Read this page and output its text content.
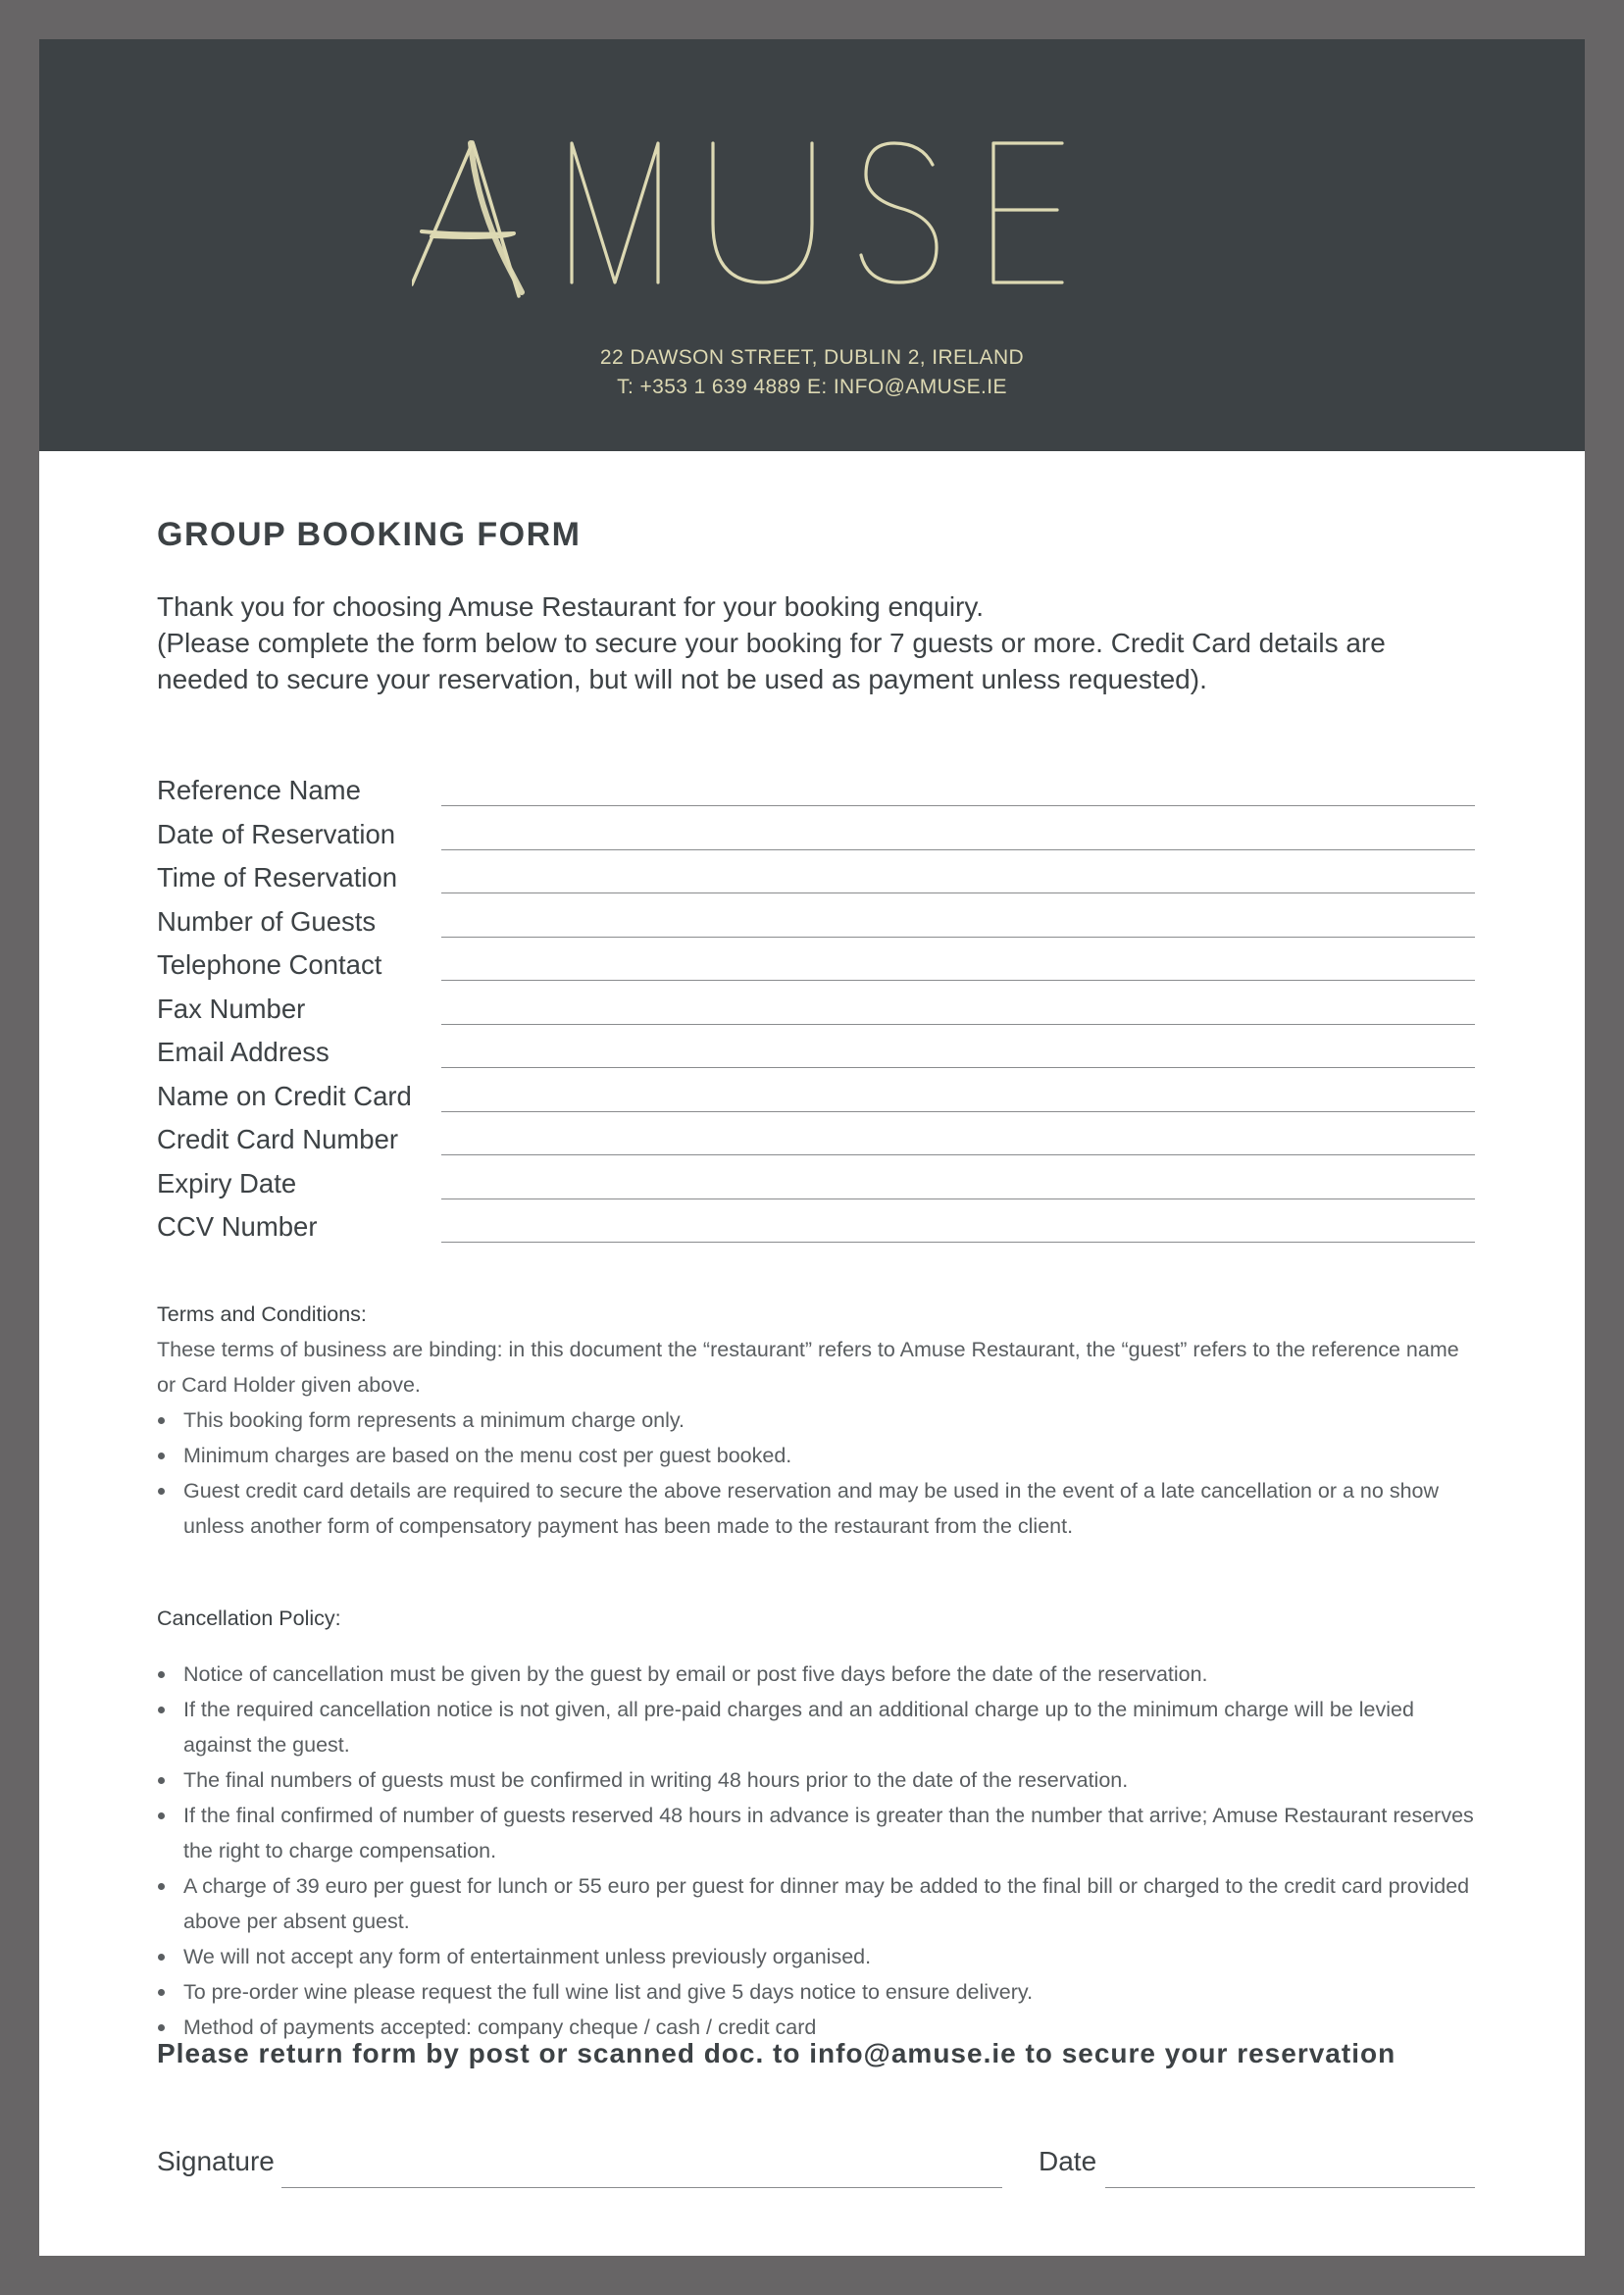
22 DAWSON STREET, DUBLIN 2, IRELAND
T: +353 1 639 4889 E: INFO@AMUSE.IE
GROUP BOOKING FORM

Thank you for choosing Amuse Restaurant for your booking enquiry.

(Please complete the form below to secure your booking for 7 guests or more. Credit Card details are needed to secure your reservation, but will not be used as payment unless requested).

Reference Name
Date of Reservation
Time of Reservation
Number of Guests
Telephone Contact
Fax Number
Email Address
Name on Credit Card
Credit Card Number
Expiry Date
CCV Number

Terms and Conditions:

These terms of business are binding: in this document the “restaurant” refers to Amuse Restaurant, the “guest” refers to the reference name or Card Holder given above.

This booking form represents a minimum charge only.
Minimum charges are based on the menu cost per guest booked.
Guest credit card details are required to secure the above reservation and may be used in the event of a late cancellation or a no show unless another form of compensatory payment has been made to the restaurant from the client.

Cancellation Policy:

Notice of cancellation must be given by the guest by email or post five days before the date of the reservation.
If the required cancellation notice is not given, all pre-paid charges and an additional charge up to the minimum charge will be levied against the guest.
The final numbers of guests must be confirmed in writing 48 hours prior to the date of the reservation.
If the final confirmed of number of guests reserved 48 hours in advance is greater than the number that arrive; Amuse Restaurant reserves the right to charge compensation.
A charge of 39 euro per guest for lunch or 55 euro per guest for dinner may be added to the final bill or charged to the credit card provided above per absent guest.
We will not accept any form of entertainment unless previously organised.
To pre-order wine please request the full wine list and give 5 days notice to ensure delivery.
Method of payments accepted: company cheque / cash / credit card
Please return form by post or scanned doc. to info@amuse.ie to secure your reservation
Signature	Date
